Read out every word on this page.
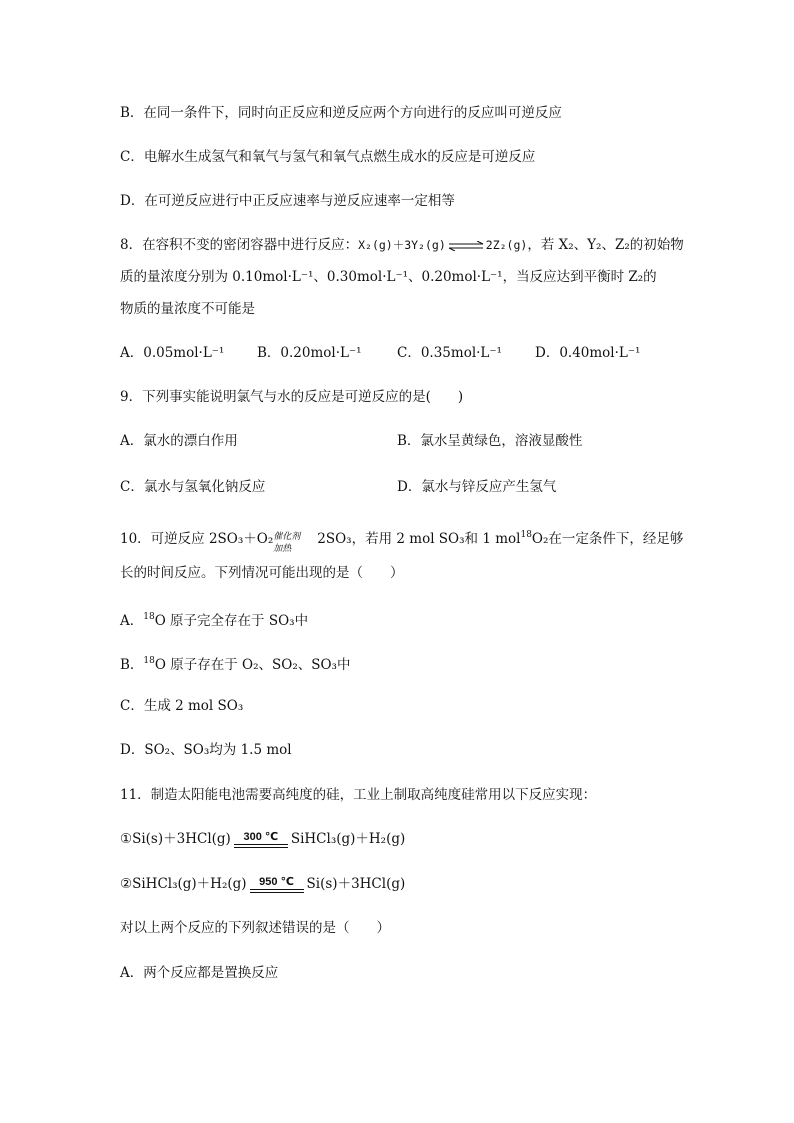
B．在同一条件下，同时向正反应和逆反应两个方向进行的反应叫可逆反应
C．电解水生成氢气和氧气与氢气和氧气点燃生成水的反应是可逆反应
D．在可逆反应进行中正反应速率与逆反应速率一定相等
8．在容积不变的密闭容器中进行反应：X₂(g)＋3Y₂(g) ⇌ 2Z₂(g)，若 X₂、Y₂、Z₂的初始物
质的量浓度分别为 0.10mol·L⁻¹、0.30mol·L⁻¹、0.20mol·L⁻¹，当反应达到平衡时 Z₂的
物质的量浓度不可能是
A．0.05mol·L⁻¹ B．0.20mol·L⁻¹	C．0.35mol·L⁻¹ D．0.40mol·L⁻¹
9．下列事实能说明氯气与水的反应是可逆反应的是(　　)
A．氯水的漂白作用	B．氯水呈黄绿色，溶液显酸性
C．氯水与氢氧化钠反应	D．氯水与锌反应产生氢气
10．可逆反应 2SO₃＋O₂ 催化剂
加热
2SO₃，若用 2 mol SO₃和 1 mol$^{18}$O₂在一定条件下，经足够
长的时间反应。下列情况可能出现的是（　　）
A．$^{18}$O 原子完全存在于 SO₃中
B．$^{18}$O 原子存在于 O₂、SO₂、SO₃中
C．生成 2 mol SO₃
D．SO₂、SO₃均为 1.5 mol
11．制造太阳能电池需要高纯度的硅，工业上制取高纯度硅常用以下反应实现：
①Si(s)＋3HCl(g)	300 ℃ SiHCl₃(g)＋H₂(g)
②SiHCl₃(g)＋H₂(g)	950 ℃ Si(s)＋3HCl(g)
对以上两个反应的下列叙述错误的是（　　）
A．两个反应都是置换反应
